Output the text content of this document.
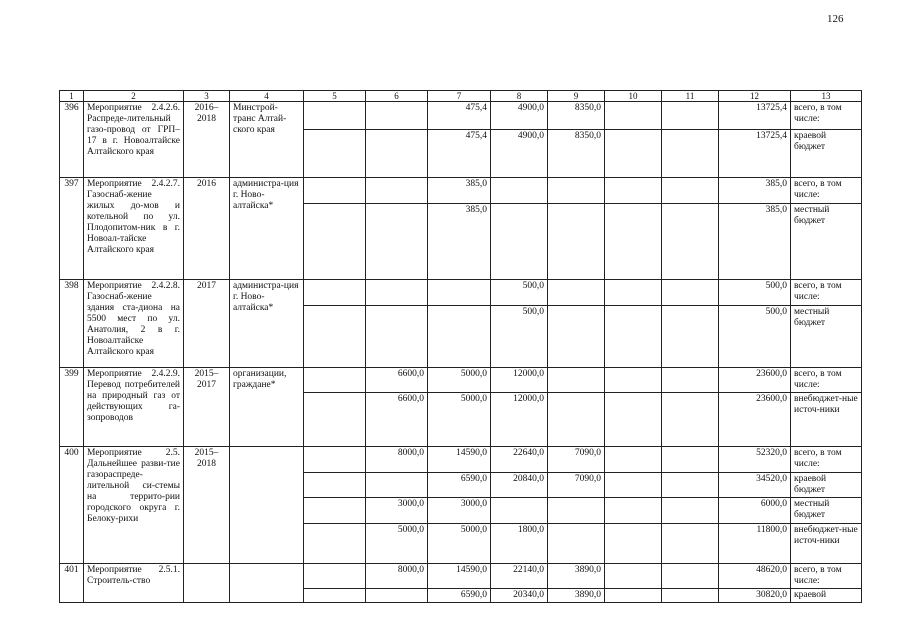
126
1	2	3	4	5	6	7	8	9	10	11	12	13
396	Мероприятие 2.4.2.6. Распреде-лительный газо-провод от ГРП–17 в г. Новоалтайске Алтайского края	2016–2018	Минстрой-транс Алтай-ского края			475,4	4900,0	8350,0			13725,4	всего, в том числе:
						475,4	4900,0	8350,0			13725,4	краевой бюджет
397	Мероприятие 2.4.2.7. Газоснаб-жение жилых до-мов и котельной по ул. Плодопитом-ник в г. Новоал-тайске Алтайского края	2016	администра-ция г. Ново-алтайска*			385,0					385,0	всего, в том числе:
						385,0					385,0	местный бюджет
398	Мероприятие 2.4.2.8. Газоснаб-жение здания ста-диона на 5500 мест по ул. Анатолия, 2 в г. Новоалтайске Алтайского края	2017	администра-ция г. Ново-алтайска*				500,0				500,0	всего, в том числе:
							500,0				500,0	местный бюджет
399	Мероприятие 2.4.2.9. Перевод потребителей на природный газ от действующих га-зопроводов	2015–2017	организации, граждане*		6600,0	5000,0	12000,0				23600,0	всего, в том числе:
					6600,0	5000,0	12000,0				23600,0	внебюджет-ные источ-ники
400	Мероприятие 2.5. Дальнейшее разви-тие газораспреде-лительной си-стемы на террито-рии городского округа г. Белоку-рихи	2015–2018			8000,0	14590,0	22640,0	7090,0			52320,0	всего, в том числе:
						6590,0	20840,0	7090,0			34520,0	краевой бюджет
					3000,0	3000,0					6000,0	местный бюджет
					5000,0	5000,0	1800,0				11800,0	внебюджет-ные источ-ники
401	Мероприятие 2.5.1. Строитель-ство				8000,0	14590,0	22140,0	3890,0			48620,0	всего, в том числе:
						6590,0	20340,0	3890,0			30820,0	краевой
